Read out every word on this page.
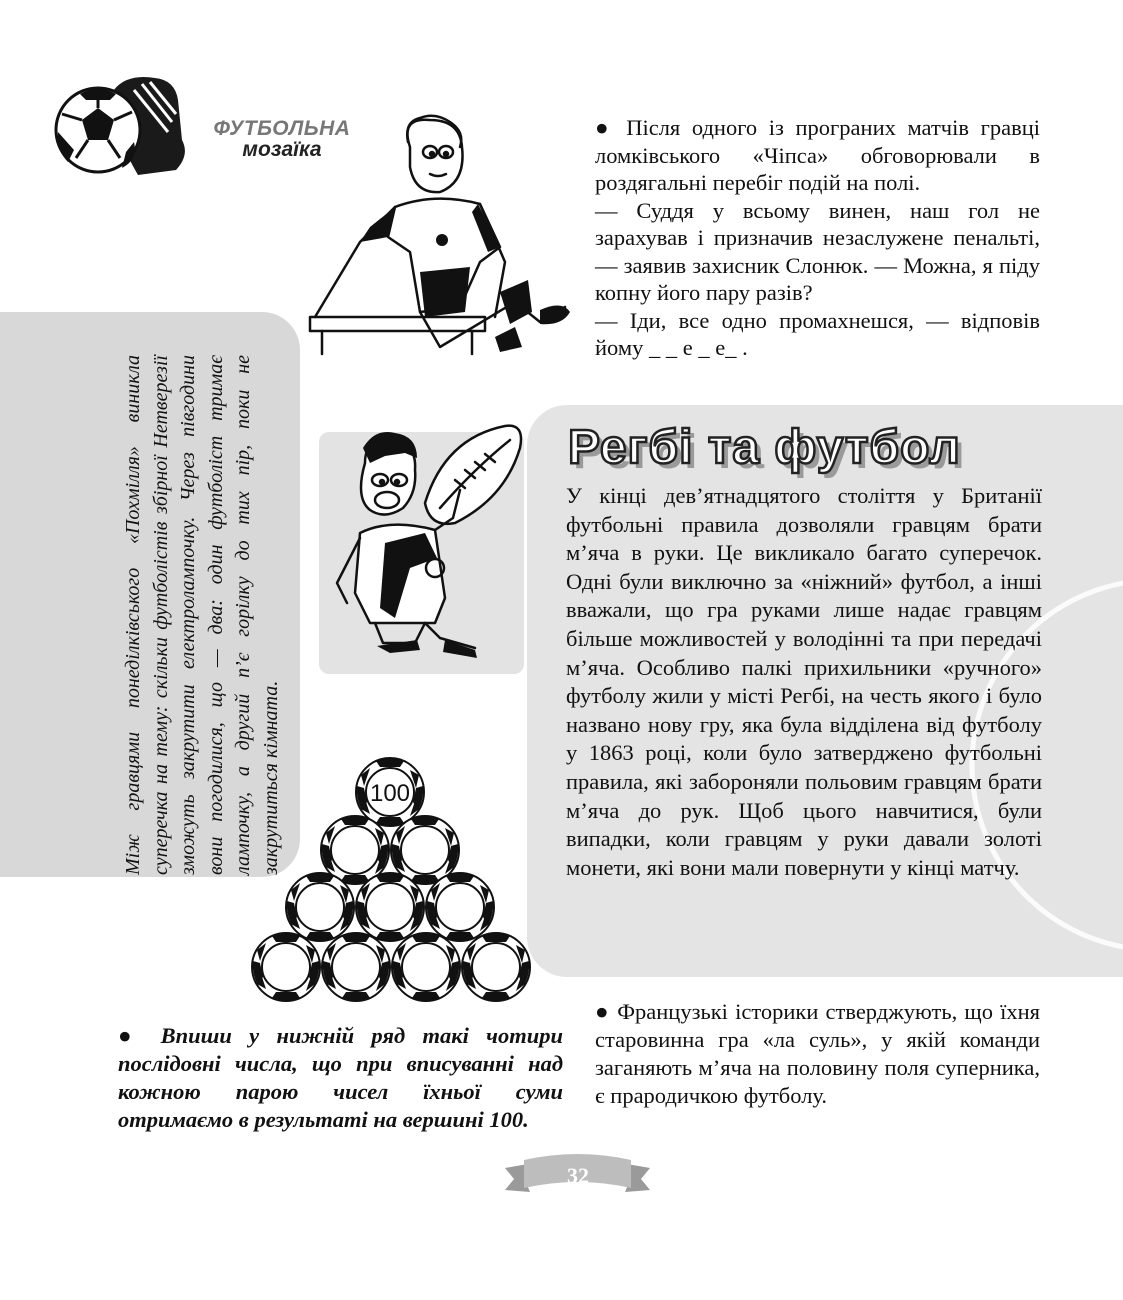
ФУТБОЛЬНА
мозаїка

● Після одного із програних матчів гравці ломківського «Чіпса» обговорювали в роздягальні перебіг подій на полі.

— Суддя у всьому винен, наш гол не зарахував і призначив незаслужене пенальті, — заявив захисник Слонюк. — Можна, я піду копну його пару разів?

— Іди, все одно промахнешся, — відповів йому _ _ е _ е_ .

Між гравцями понеділківського «Похмілля» виникла суперечка на тему: скільки футболістів збірної Нетверезії зможуть закрутити електролампочку. Через півгодини вони погодилися, що — два: один футболіст тримає лампочку, а другий п’є горілку до тих пір, поки не закрутиться кімната.

Регбі та футбол

У кінці дев’ятнадцятого століття у Британії футбольні правила дозволяли гравцям брати м’яча в руки. Це викликало багато суперечок. Одні були виключно за «ніжний» футбол, а інші вважали, що гра руками лише надає гравцям більше можливостей у володінні та при передачі м’яча. Особливо палкі прихильники «ручного» футболу жили у місті Регбі, на честь якого і було названо нову гру, яка була відділена від футболу у 1863 році, коли було затверджено футбольні правила, які забороняли польовим гравцям брати м’яча до рук. Щоб цього навчитися, були випадки, коли гравцям у руки давали золоті монети, які вони мали повернути у кінці матчу.

100

● Впиши у нижній ряд такі чотири послідовні числа, що при вписуванні над кожною парою чисел їхньої суми отримаємо в результаті на вершині 100.

● Французькі історики стверджують, що їхня старовинна гра «ла суль», у якій команди заганяють м’яча на половину поля суперника, є прародичкою футболу.

32
